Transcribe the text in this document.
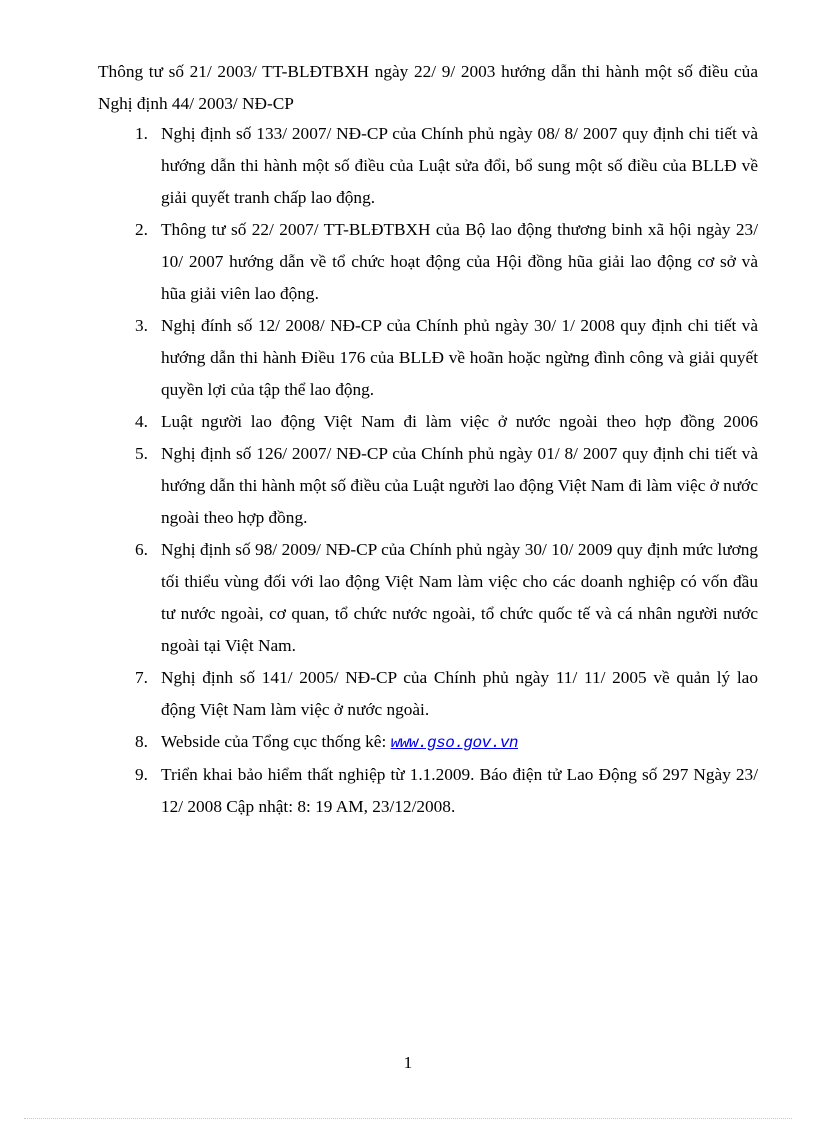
Thông tư số 21/ 2003/ TT-BLĐTBXH ngày 22/ 9/ 2003 hướng dẫn thi hành một số điều của Nghị định 44/ 2003/ NĐ-CP

1. Nghị định số 133/ 2007/ NĐ-CP của Chính phủ ngày 08/ 8/ 2007 quy định chi tiết và hướng dẫn thi hành một số điều của Luật sửa đổi, bổ sung một số điều của BLLĐ về giải quyết tranh chấp lao động.
2. Thông tư số 22/ 2007/ TT-BLĐTBXH của Bộ lao động thương binh xã hội ngày 23/ 10/ 2007 hướng dẫn về tổ chức hoạt động của Hội đồng hũa giải lao động cơ sở và hũa giải viên lao động.
3. Nghị đính số 12/ 2008/ NĐ-CP của Chính phủ ngày 30/ 1/ 2008 quy định chi tiết và hướng dẫn thi hành Điều 176 của BLLĐ về hoãn hoặc ngừng đình công và giải quyết quyền lợi của tập thể lao động.
4. Luật người lao động Việt Nam đi làm việc ở nước ngoài theo hợp đồng 2006
5. Nghị định số 126/ 2007/ NĐ-CP của Chính phủ ngày 01/ 8/ 2007 quy định chi tiết và hướng dẫn thi hành một số điều của Luật người lao động Việt Nam đi làm việc ở nước ngoài theo hợp đồng.
6. Nghị định số 98/ 2009/ NĐ-CP của Chính phủ ngày 30/ 10/ 2009 quy định mức lương tối thiểu vùng đối với lao động Việt Nam làm việc cho các doanh nghiệp có vốn đầu tư nước ngoài, cơ quan, tổ chức nước ngoài, tổ chức quốc tế và cá nhân người nước ngoài tại Việt Nam.
7. Nghị định số 141/ 2005/ NĐ-CP của Chính phủ ngày 11/ 11/ 2005 về quản lý lao động Việt Nam làm việc ở nước ngoài.
8. Webside của Tổng cục thống kê: www.gso.gov.vn
9. Triển khai bảo hiểm thất nghiệp từ 1.1.2009. Báo điện tử Lao Động số 297 Ngày 23/ 12/ 2008 Cập nhật: 8: 19 AM, 23/12/2008.
1
